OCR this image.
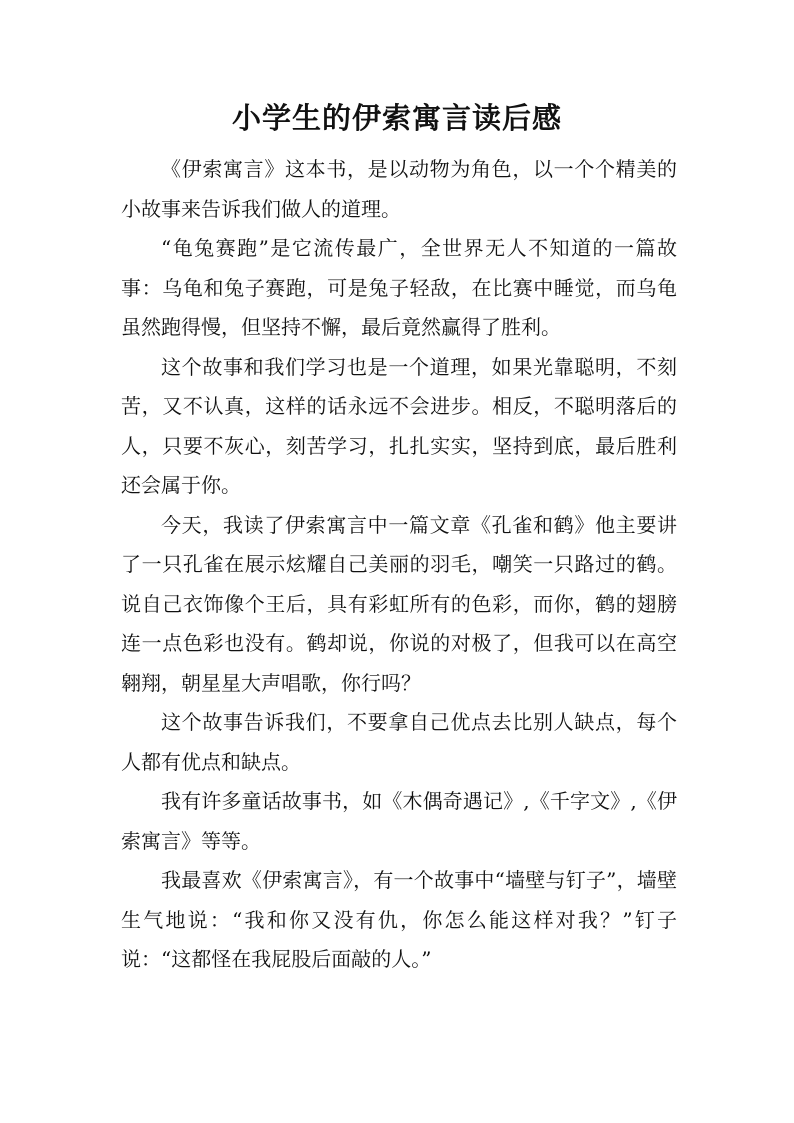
小学生的伊索寓言读后感

《伊索寓言》这本书，是以动物为角色，以一个个精美的小故事来告诉我们做人的道理。

“龟兔赛跑”是它流传最广，全世界无人不知道的一篇故事：乌龟和兔子赛跑，可是兔子轻敌，在比赛中睡觉，而乌龟虽然跑得慢，但坚持不懈，最后竟然赢得了胜利。

这个故事和我们学习也是一个道理，如果光靠聪明，不刻苦，又不认真，这样的话永远不会进步。相反，不聪明落后的人，只要不灰心，刻苦学习，扎扎实实，坚持到底，最后胜利还会属于你。

今天，我读了伊索寓言中一篇文章《孔雀和鹤》他主要讲了一只孔雀在展示炫耀自己美丽的羽毛，嘲笑一只路过的鹤。说自己衣饰像个王后，具有彩虹所有的色彩，而你，鹤的翅膀连一点色彩也没有。鹤却说，你说的对极了，但我可以在高空翱翔，朝星星大声唱歌，你行吗？

这个故事告诉我们，不要拿自己优点去比别人缺点，每个人都有优点和缺点。

我有许多童话故事书，如《木偶奇遇记》,《千字文》,《伊索寓言》等等。

我最喜欢《伊索寓言》，有一个故事中“墙壁与钉子”，墙壁生气地说：“我和你又没有仇，你怎么能这样对我？”钉子说：“这都怪在我屁股后面敲的人。”
